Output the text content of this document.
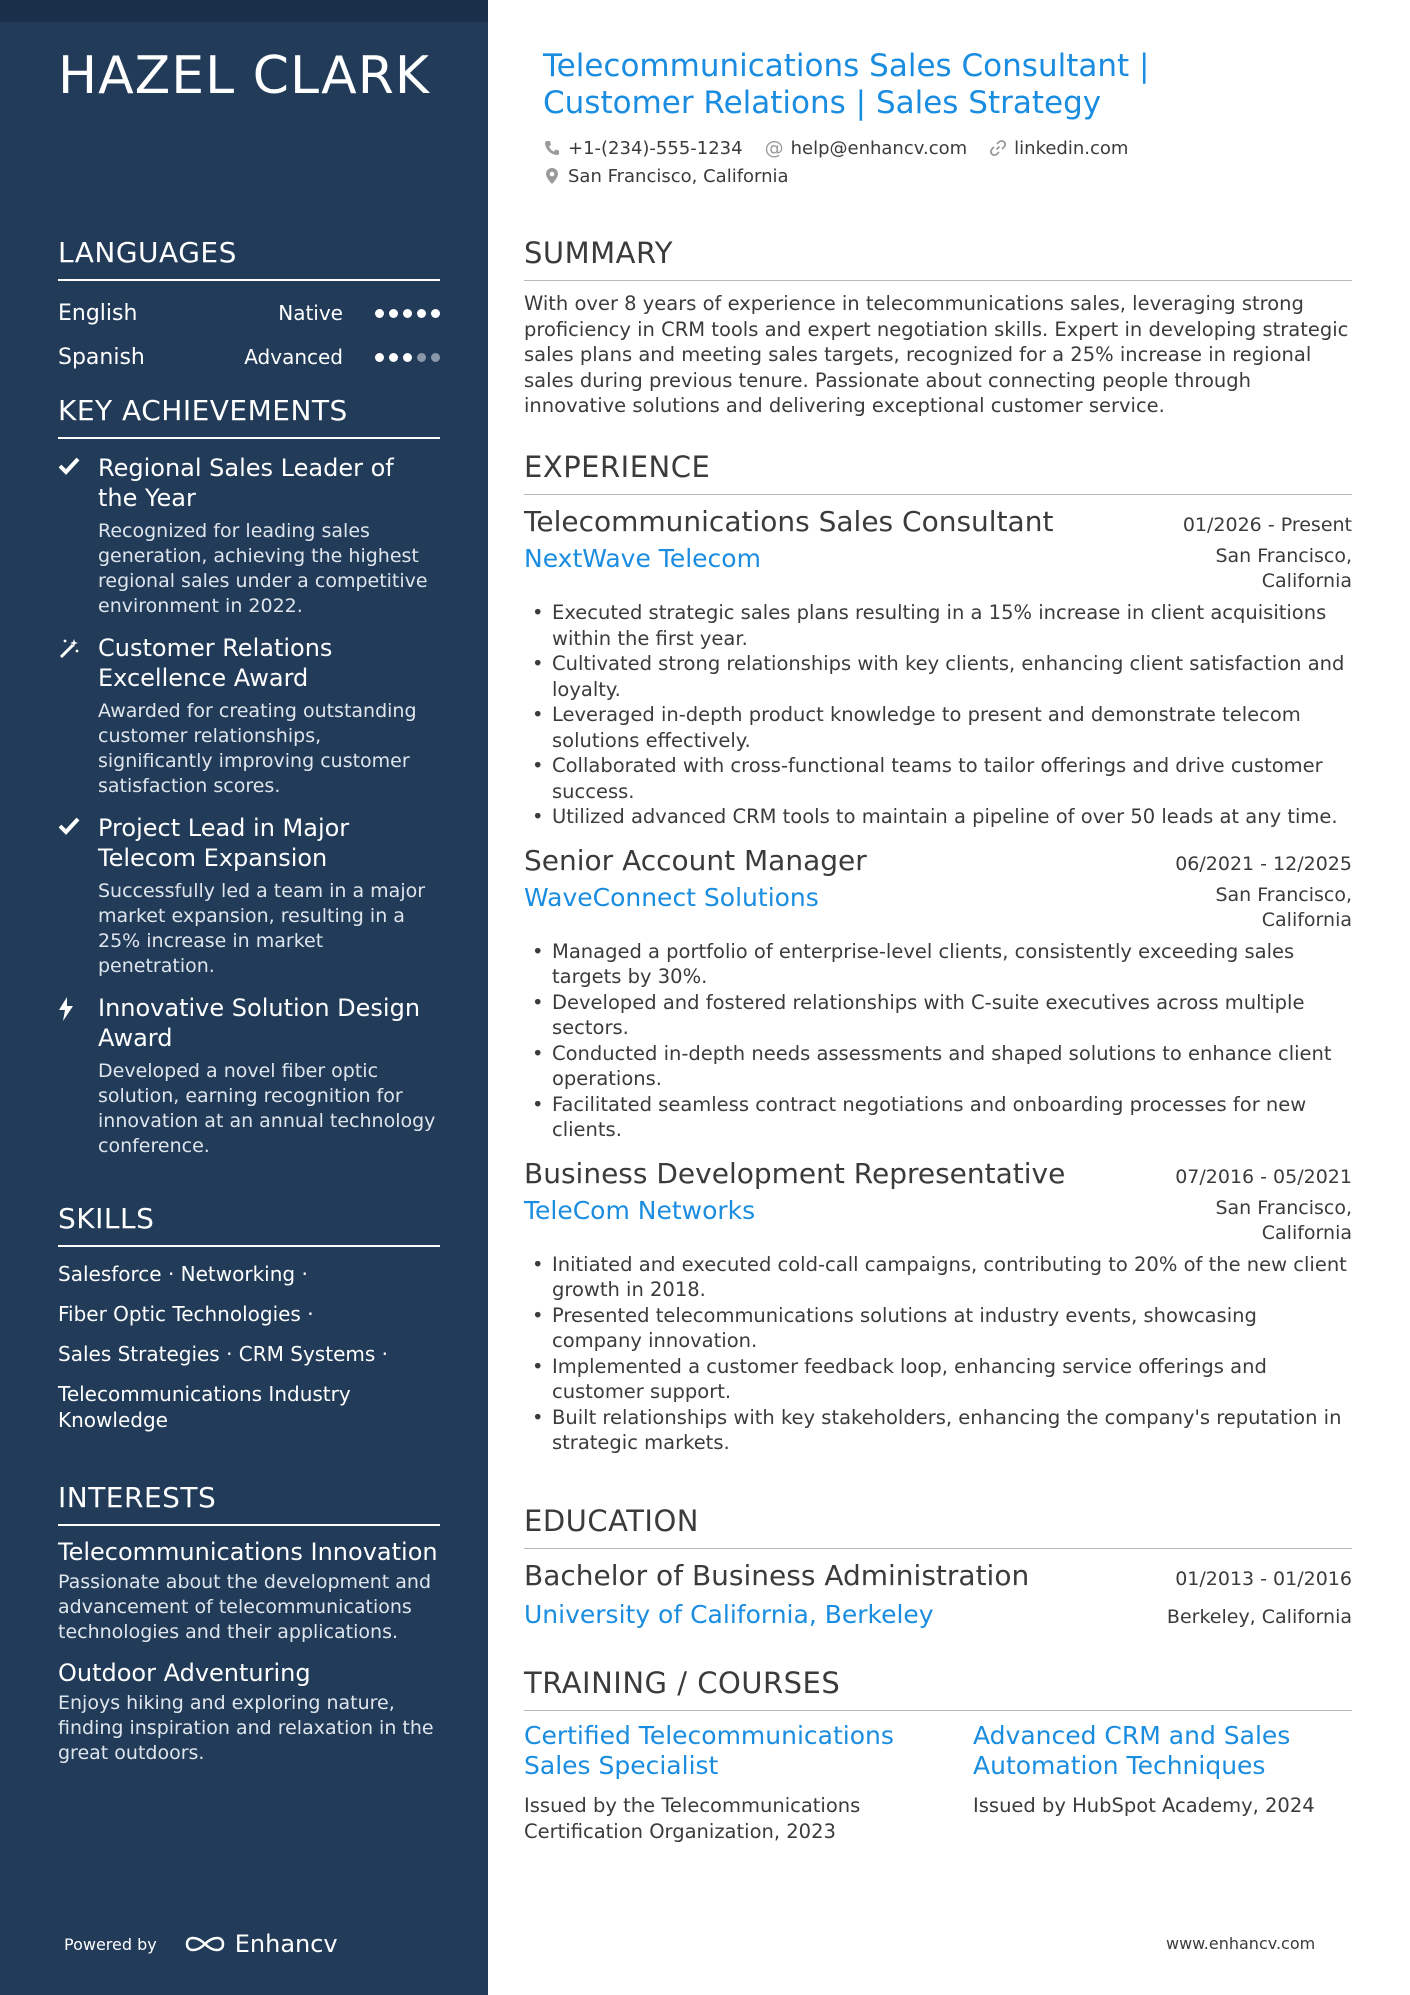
HAZEL CLARK
LANGUAGES
English	Native
Spanish	Advanced
KEY ACHIEVEMENTS
Regional Sales Leader of the Year
Recognized for leading sales generation, achieving the highest regional sales under a competitive environment in 2022.
Customer Relations Excellence Award
Awarded for creating outstanding customer relationships, significantly improving customer satisfaction scores.
Project Lead in Major Telecom Expansion
Successfully led a team in a major market expansion, resulting in a 25% increase in market penetration.
Innovative Solution Design Award
Developed a novel fiber optic solution, earning recognition for innovation at an annual technology conference.
SKILLS
Salesforce · Networking ·
Fiber Optic Technologies ·
Sales Strategies · CRM Systems ·
Telecommunications Industry Knowledge
INTERESTS
Telecommunications Innovation
Passionate about the development and advancement of telecommunications technologies and their applications.
Outdoor Adventuring
Enjoys hiking and exploring nature, finding inspiration and relaxation in the great outdoors.
Powered by	Enhancv
Telecommunications Sales Consultant | Customer Relations | Sales Strategy
+1-(234)-555-1234 @ help@enhancv.com	linkedin.com
San Francisco, California
SUMMARY
With over 8 years of experience in telecommunications sales, leveraging strong proficiency in CRM tools and expert negotiation skills. Expert in developing strategic sales plans and meeting sales targets, recognized for a 25% increase in regional sales during previous tenure. Passionate about connecting people through innovative solutions and delivering exceptional customer service.
EXPERIENCE
Telecommunications Sales Consultant	01/2026 - Present
NextWave Telecom	San Francisco, California
• Executed strategic sales plans resulting in a 15% increase in client acquisitions within the first year.
• Cultivated strong relationships with key clients, enhancing client satisfaction and loyalty.
• Leveraged in-depth product knowledge to present and demonstrate telecom solutions effectively.
• Collaborated with cross-functional teams to tailor offerings and drive customer success.
• Utilized advanced CRM tools to maintain a pipeline of over 50 leads at any time.
Senior Account Manager	06/2021 - 12/2025
WaveConnect Solutions	San Francisco, California
• Managed a portfolio of enterprise-level clients, consistently exceeding sales targets by 30%.
• Developed and fostered relationships with C-suite executives across multiple sectors.
• Conducted in-depth needs assessments and shaped solutions to enhance client operations.
• Facilitated seamless contract negotiations and onboarding processes for new clients.
Business Development Representative	07/2016 - 05/2021
TeleCom Networks	San Francisco, California
• Initiated and executed cold-call campaigns, contributing to 20% of the new client growth in 2018.
• Presented telecommunications solutions at industry events, showcasing company innovation.
• Implemented a customer feedback loop, enhancing service offerings and customer support.
• Built relationships with key stakeholders, enhancing the company's reputation in strategic markets.
EDUCATION
Bachelor of Business Administration	01/2013 - 01/2016
University of California, Berkeley	Berkeley, California
TRAINING / COURSES
Certified Telecommunications Sales Specialist
Issued by the Telecommunications Certification Organization, 2023
Advanced CRM and Sales Automation Techniques
Issued by HubSpot Academy, 2024
www.enhancv.com
